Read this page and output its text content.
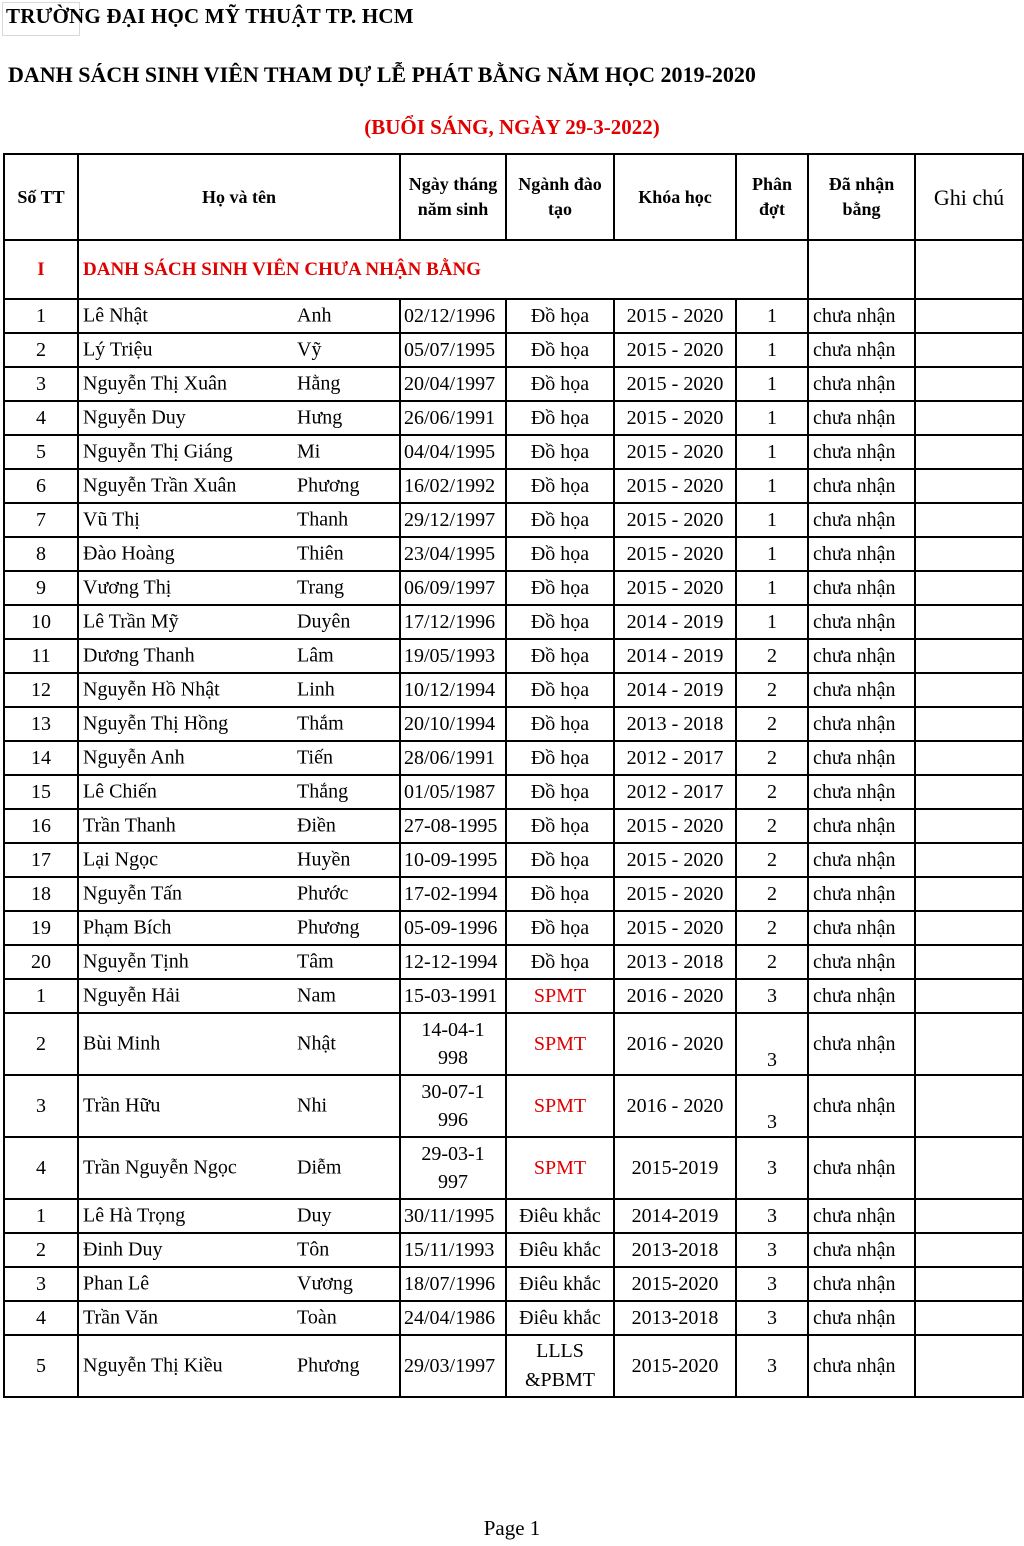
TRƯỜNG ĐẠI HỌC MỸ THUẬT TP. HCM
DANH SÁCH SINH VIÊN THAM DỰ LỄ PHÁT BẰNG NĂM HỌC 2019-2020
(BUỔI SÁNG, NGÀY 29-3-2022)
Số TT	Họ và tên	Ngày tháng năm sinh	Ngành đào tạo	Khóa học	Phân đợt	Đã nhận bằng	Ghi chú
I	DANH SÁCH SINH VIÊN CHƯA NHẬN BẰNG						
1	Lê Nhật Anh	02/12/1996	Đồ họa	2015 - 2020	1	chưa nhận	
2	Lý Triệu Vỹ	05/07/1995	Đồ họa	2015 - 2020	1	chưa nhận	
3	Nguyễn Thị Xuân Hằng	20/04/1997	Đồ họa	2015 - 2020	1	chưa nhận	
4	Nguyễn Duy Hưng	26/06/1991	Đồ họa	2015 - 2020	1	chưa nhận	
5	Nguyễn Thị Giáng Mi	04/04/1995	Đồ họa	2015 - 2020	1	chưa nhận	
6	Nguyễn Trần Xuân Phương	16/02/1992	Đồ họa	2015 - 2020	1	chưa nhận	
7	Vũ Thị Thanh	29/12/1997	Đồ họa	2015 - 2020	1	chưa nhận	
8	Đào Hoàng Thiên	23/04/1995	Đồ họa	2015 - 2020	1	chưa nhận	
9	Vương Thị Trang	06/09/1997	Đồ họa	2015 - 2020	1	chưa nhận	
10	Lê Trần Mỹ Duyên	17/12/1996	Đồ họa	2014 - 2019	1	chưa nhận	
11	Dương Thanh Lâm	19/05/1993	Đồ họa	2014 - 2019	2	chưa nhận	
12	Nguyễn Hồ Nhật Linh	10/12/1994	Đồ họa	2014 - 2019	2	chưa nhận	
13	Nguyễn Thị Hồng Thắm	20/10/1994	Đồ họa	2013 - 2018	2	chưa nhận	
14	Nguyễn Anh Tiến	28/06/1991	Đồ họa	2012 - 2017	2	chưa nhận	
15	Lê Chiến Thắng	01/05/1987	Đồ họa	2012 - 2017	2	chưa nhận	
16	Trần Thanh Điền	27-08-1995	Đồ họa	2015 - 2020	2	chưa nhận	
17	Lại Ngọc Huyền	10-09-1995	Đồ họa	2015 - 2020	2	chưa nhận	
18	Nguyễn Tấn Phước	17-02-1994	Đồ họa	2015 - 2020	2	chưa nhận	
19	Phạm Bích Phương	05-09-1996	Đồ họa	2015 - 2020	2	chưa nhận	
20	Nguyễn Tịnh Tâm	12-12-1994	Đồ họa	2013 - 2018	2	chưa nhận	
1	Nguyễn Hải Nam	15-03-1991	SPMT	2016 - 2020	3	chưa nhận	
2	Bùi Minh Nhật	14-04-1998	SPMT	2016 - 2020	3	chưa nhận	
3	Trần Hữu Nhi	30-07-1996	SPMT	2016 - 2020	3	chưa nhận	
4	Trần Nguyễn Ngọc Diễm	29-03-1997	SPMT	2015-2019	3	chưa nhận	
1	Lê Hà Trọng Duy	30/11/1995	Điêu khắc	2014-2019	3	chưa nhận	
2	Đinh Duy Tôn	15/11/1993	Điêu khắc	2013-2018	3	chưa nhận	
3	Phan Lê Vương	18/07/1996	Điêu khắc	2015-2020	3	chưa nhận	
4	Trần Văn Toàn	24/04/1986	Điêu khắc	2013-2018	3	chưa nhận	
5	Nguyễn Thị Kiều Phương	29/03/1997	LLLS &PBMT	2015-2020	3	chưa nhận	
Page 1
